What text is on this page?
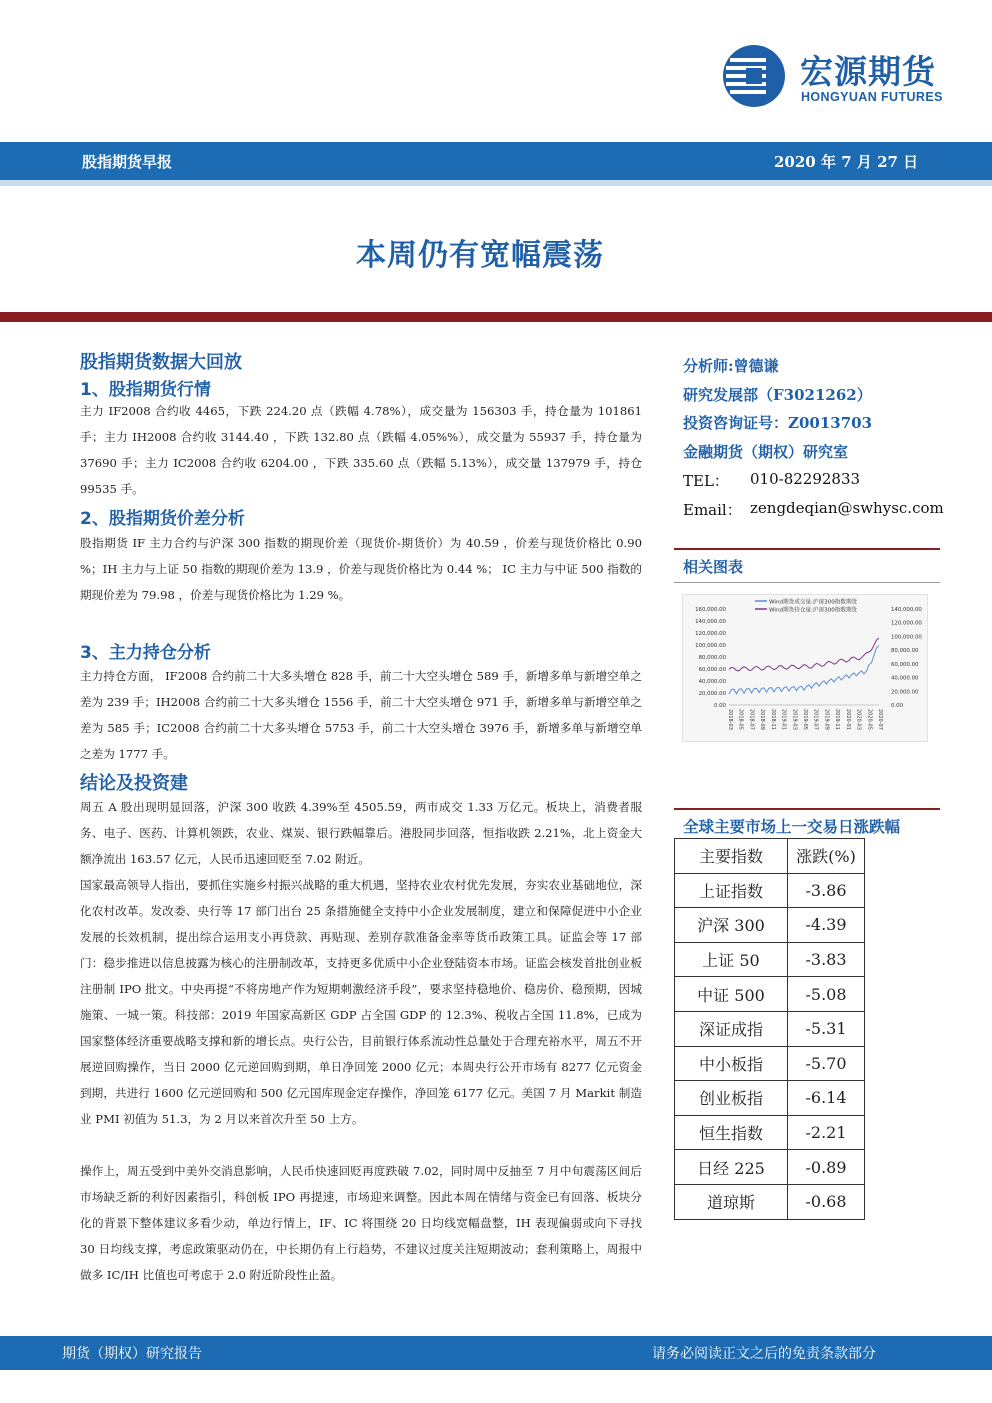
宏源期货
HONGYUAN FUTURES
股指期货早报	2020 年 7 月 27 日
本周仍有宽幅震荡
股指期货数据大回放
1、股指期货行情
主力 IF2008 合约收 4465，下跌 224.20 点（跌幅 4.78%），成交量为 156303 手，持仓量为 101861 手；主力 IH2008 合约收 3144.40 ，下跌 132.80 点（跌幅 4.05%%），成交量为 55937 手，持仓量为 37690 手；主力 IC2008 合约收 6204.00 ，下跌 335.60 点（跌幅 5.13%），成交量 137979 手，持仓 99535 手。
2、股指期货价差分析
股指期货 IF 主力合约与沪深 300 指数的期现价差（现货价-期货价）为 40.59 ，价差与现货价格比 0.90 %；IH 主力与上证 50 指数的期现价差为 13.9 ，价差与现货价格比为 0.44 %； IC 主力与中证 500 指数的期现价差为 79.98 ，价差与现货价格比为 1.29 %。
3、主力持仓分析
主力持仓方面， IF2008 合约前二十大多头增仓 828 手，前二十大空头增仓 589 手，新增多单与新增空单之差为 239 手；IH2008 合约前二十大多头增仓 1556 手，前二十大空头增仓 971 手，新增多单与新增空单之差为 585 手；IC2008 合约前二十大多头增仓 5753 手，前二十大空头增仓 3976 手，新增多单与新增空单之差为 1777 手。
结论及投资建
周五 A 股出现明显回落，沪深 300 收跌 4.39%至 4505.59，两市成交 1.33 万亿元。板块上，消费者服务、电子、医药、计算机领跌，农业、煤炭、银行跌幅靠后。港股同步回落，恒指收跌 2.21%，北上资金大额净流出 163.57 亿元，人民币迅速回贬至 7.02 附近。
国家最高领导人指出，要抓住实施乡村振兴战略的重大机遇，坚持农业农村优先发展，夯实农业基础地位，深化农村改革。发改委、央行等 17 部门出台 25 条措施健全支持中小企业发展制度，建立和保障促进中小企业发展的长效机制，提出综合运用支小再贷款、再贴现、差别存款准备金率等货币政策工具。证监会等 17 部门：稳步推进以信息披露为核心的注册制改革，支持更多优质中小企业登陆资本市场。证监会核发首批创业板注册制 IPO 批文。中央再提“不将房地产作为短期刺激经济手段”，要求坚持稳地价、稳房价、稳预期，因城施策、一城一策。科技部：2019 年国家高新区 GDP 占全国 GDP 的 12.3%、税收占全国 11.8%，已成为国家整体经济重要战略支撑和新的增长点。央行公告，目前银行体系流动性总量处于合理充裕水平，周五不开展逆回购操作，当日 2000 亿元逆回购到期，单日净回笼 2000 亿元；本周央行公开市场有 8277 亿元资金到期，共进行 1600 亿元逆回购和 500 亿元国库现金定存操作，净回笼 6177 亿元。美国 7 月 Markit 制造业 PMI 初值为 51.3，为 2 月以来首次升至 50 上方。
操作上，周五受到中美外交消息影响，人民币快速回贬再度跌破 7.02，同时周中反抽至 7 月中旬震荡区间后市场缺乏新的利好因素指引，科创板 IPO 再提速，市场迎来调整。因此本周在情绪与资金已有回落、板块分化的背景下整体建议多看少动，单边行情上，IF、IC 将围绕 20 日均线宽幅盘整，IH 表现偏弱或向下寻找 30 日均线支撑，考虑政策驱动仍在，中长期仍有上行趋势，不建议过度关注短期波动；套利策略上，周报中做多 IC/IH 比值也可考虑于 2.0 附近阶段性止盈。
分析师:曾德谦
研究发展部（F3021262）
投资咨询证号：Z0013703
金融期货（期权）研究室
TEL： 010-82292833
Email： zengdeqian@swhysc.com
相关图表
Wind期货成交量:沪深300指数期货
Wind期货持仓量:沪深300指数期货
160,000.00
140,000.00
120,000.00
100,000.00
80,000.00
60,000.00
40,000.00
20,000.00
0.00
140,000.00
120,000.00
100,000.00
80,000.00
60,000.00
40,000.00
20,000.00
0.00
2018-03 2018-05 2018-07 2018-09 2018-11 2019-01 2019-03 2019-05 2019-07 2019-09 2019-11 2020-01 2020-03 2020-05 2020-07
全球主要市场上一交易日涨跌幅
主要指数	涨跌(%)
上证指数	-3.86
沪深 300	-4.39
上证 50	-3.83
中证 500	-5.08
深证成指	-5.31
中小板指	-5.70
创业板指	-6.14
恒生指数	-2.21
日经 225	-0.89
道琼斯	-0.68
期货（期权）研究报告	请务必阅读正文之后的免责条款部分
